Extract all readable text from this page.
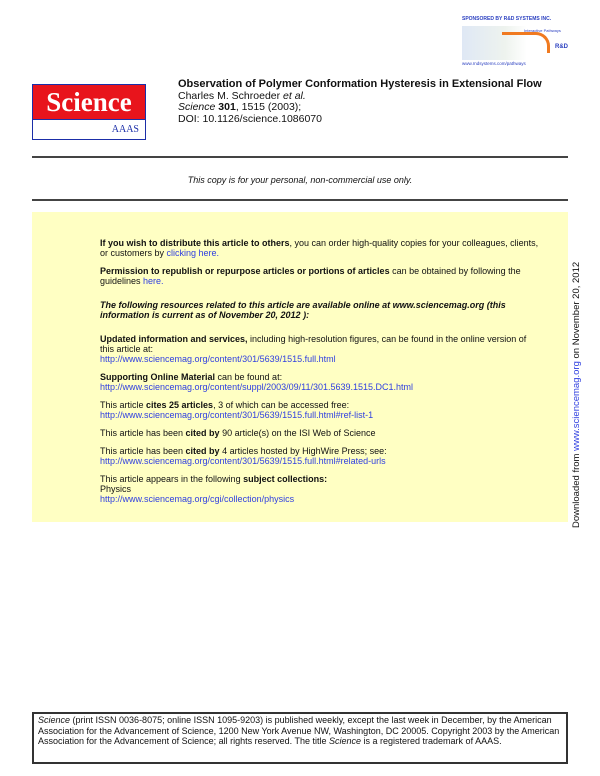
SPONSORED BY R&D SYSTEMS INC.
Interactive Pathways
R&D
www.rndsystems.com/pathways
Science
AAAS
Observation of Polymer Conformation Hysteresis in Extensional Flow
Charles M. Schroeder et al.
Science 301, 1515 (2003);
DOI: 10.1126/science.1086070
This copy is for your personal, non-commercial use only.

If you wish to distribute this article to others, you can order high-quality copies for your colleagues, clients, or customers by clicking here.

Permission to republish or repurpose articles or portions of articles can be obtained by following the guidelines here.

The following resources related to this article are available online at www.sciencemag.org (this information is current as of November 20, 2012 ):

Updated information and services, including high-resolution figures, can be found in the online version of this article at:
http://www.sciencemag.org/content/301/5639/1515.full.html

Supporting Online Material can be found at:
http://www.sciencemag.org/content/suppl/2003/09/11/301.5639.1515.DC1.html

This article cites 25 articles, 3 of which can be accessed free:
http://www.sciencemag.org/content/301/5639/1515.full.html#ref-list-1

This article has been cited by 90 article(s) on the ISI Web of Science

This article has been cited by 4 articles hosted by HighWire Press; see:
http://www.sciencemag.org/content/301/5639/1515.full.html#related-urls

This article appears in the following subject collections:
Physics
http://www.sciencemag.org/cgi/collection/physics	Downloaded from www.sciencemag.org on November 20, 2012
Science (print ISSN 0036-8075; online ISSN 1095-9203) is published weekly, except the last week in December, by the American Association for the Advancement of Science, 1200 New York Avenue NW, Washington, DC 20005. Copyright 2003 by the American Association for the Advancement of Science; all rights reserved. The title Science is a registered trademark of AAAS.
